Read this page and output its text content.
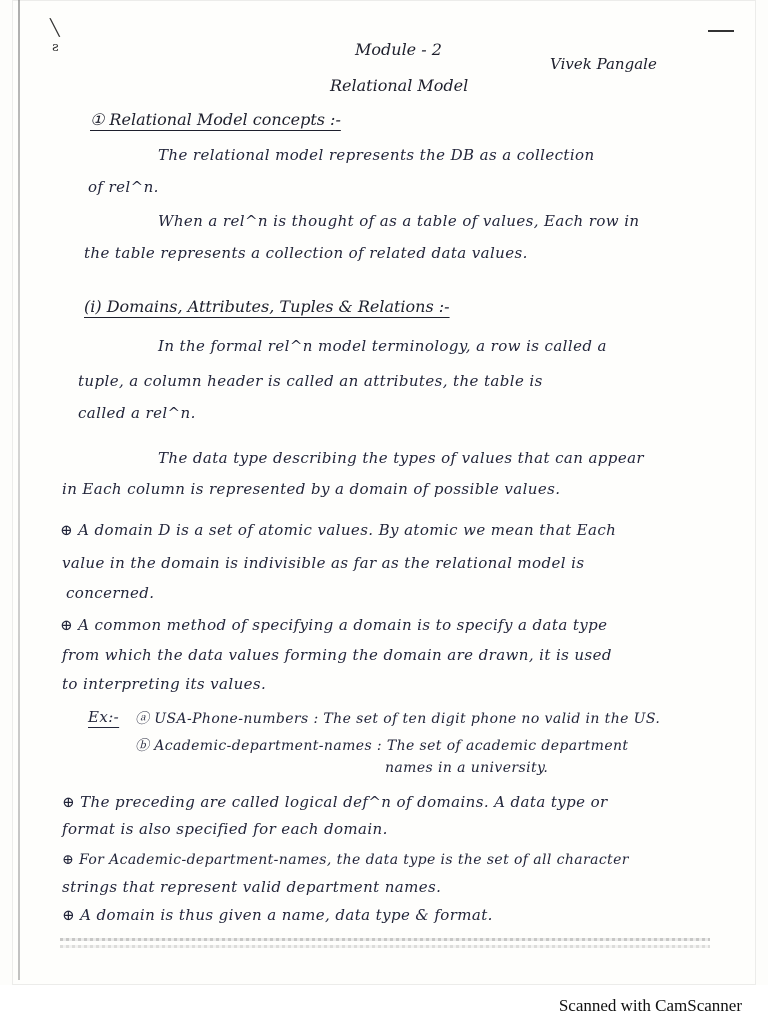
╲
ƨ	Module - 2
Vivek Pangale
Relational Model
① Relational Model concepts :-
The relational model represents the DB as a collection
of rel^n.
When a rel^n is thought of as a table of values, Each row in
the table represents a collection of related data values.
(i) Domains, Attributes, Tuples & Relations :-
In the formal rel^n model terminology, a row is called a
tuple, a column header is called an attributes, the table is
called a rel^n.
The data type describing the types of values that can appear
in Each column is represented by a domain of possible values.
⊕ A domain D is a set of atomic values. By atomic we mean that Each
value in the domain is indivisible as far as the relational model is
concerned.
⊕ A common method of specifying a domain is to specify a data type
from which the data values forming the domain are drawn, it is used
to interpreting its values.
Ex:- ⓐ USA-Phone-numbers : The set of ten digit phone no valid in the US.
ⓑ Academic-department-names : The set of academic department
names in a university.
⊕ The preceding are called logical def^n of domains. A data type or
format is also specified for each domain.
⊕ For Academic-department-names, the data type is the set of all character
strings that represent valid department names.
⊕ A domain is thus given a name, data type & format.
Scanned with CamScanner
